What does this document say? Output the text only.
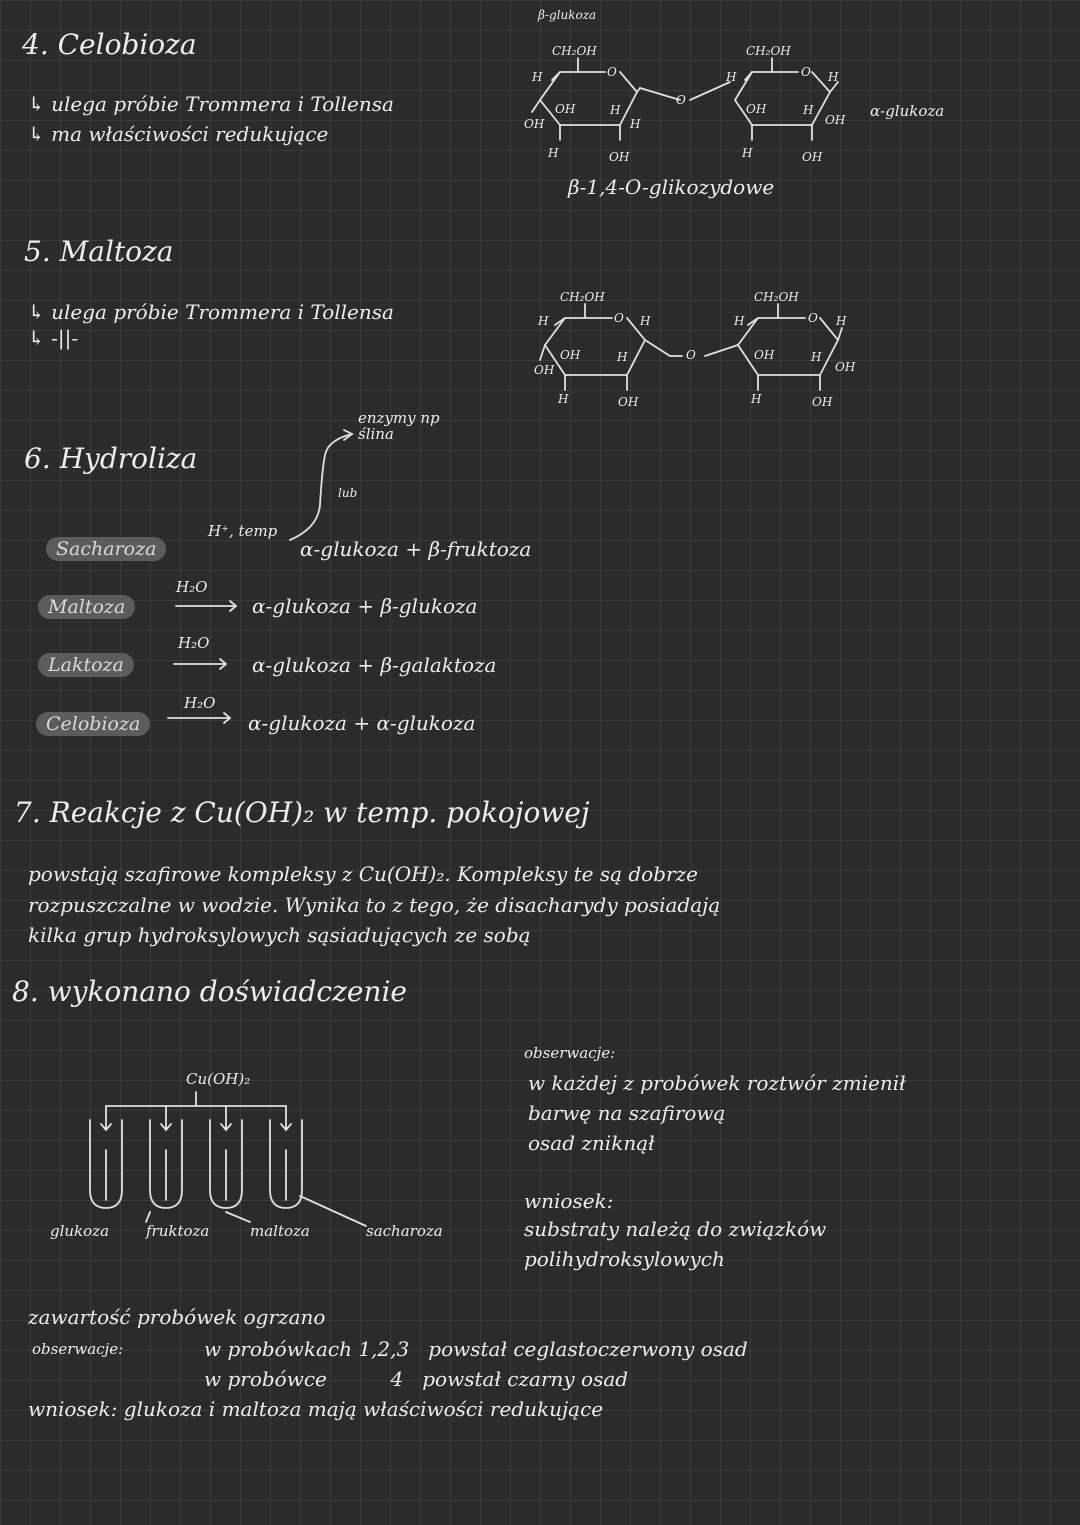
4. Celobioza
↳ ulega próbie Trommera i Tollensa
↳ ma właściwości redukujące
β-glukoza
α-glukoza
β-1,4-O-glikozydowe
CH₂OH	CH₂OH
O	O
O
H	H	H
OH	OH
OH
H
H
H
OH
H	OH	H	OH
5. Maltoza
↳ ulega próbie Trommera i Tollensa
↳ -||-
CH₂OH	CH₂OH
O	O
H	H
H	H
O
OH	OH
H	H
OH	OH
H	OH	H	OH
6. Hydroliza
enzymy np ślina
lub
H⁺, temp
Sacharoza	α-glukoza + β-fruktoza
Maltoza
H₂O
α-glukoza + β-glukoza
Laktoza
H₂O
α-glukoza + β-galaktoza
Celobioza
H₂O
α-glukoza + α-glukoza
7. Reakcje z Cu(OH)₂ w temp. pokojowej
powstają szafirowe kompleksy z Cu(OH)₂. Kompleksy te są dobrze
rozpuszczalne w wodzie. Wynika to z tego, że disacharydy posiadają
kilka grup hydroksylowych sąsiadujących ze sobą
8. wykonano doświadczenie
Cu(OH)₂
glukoza fruktoza	maltoza	sacharoza
obserwacje:
w każdej z probówek roztwór zmienił
barwę na szafirową
osad zniknął
wniosek:
substraty należą do związków
polihydroksylowych
zawartość probówek ogrzano
obserwacje:	w probówkach 1,2,3   powstał ceglastoczerwony osad
w probówce          4   powstał czarny osad
wniosek: glukoza i maltoza mają właściwości redukujące
